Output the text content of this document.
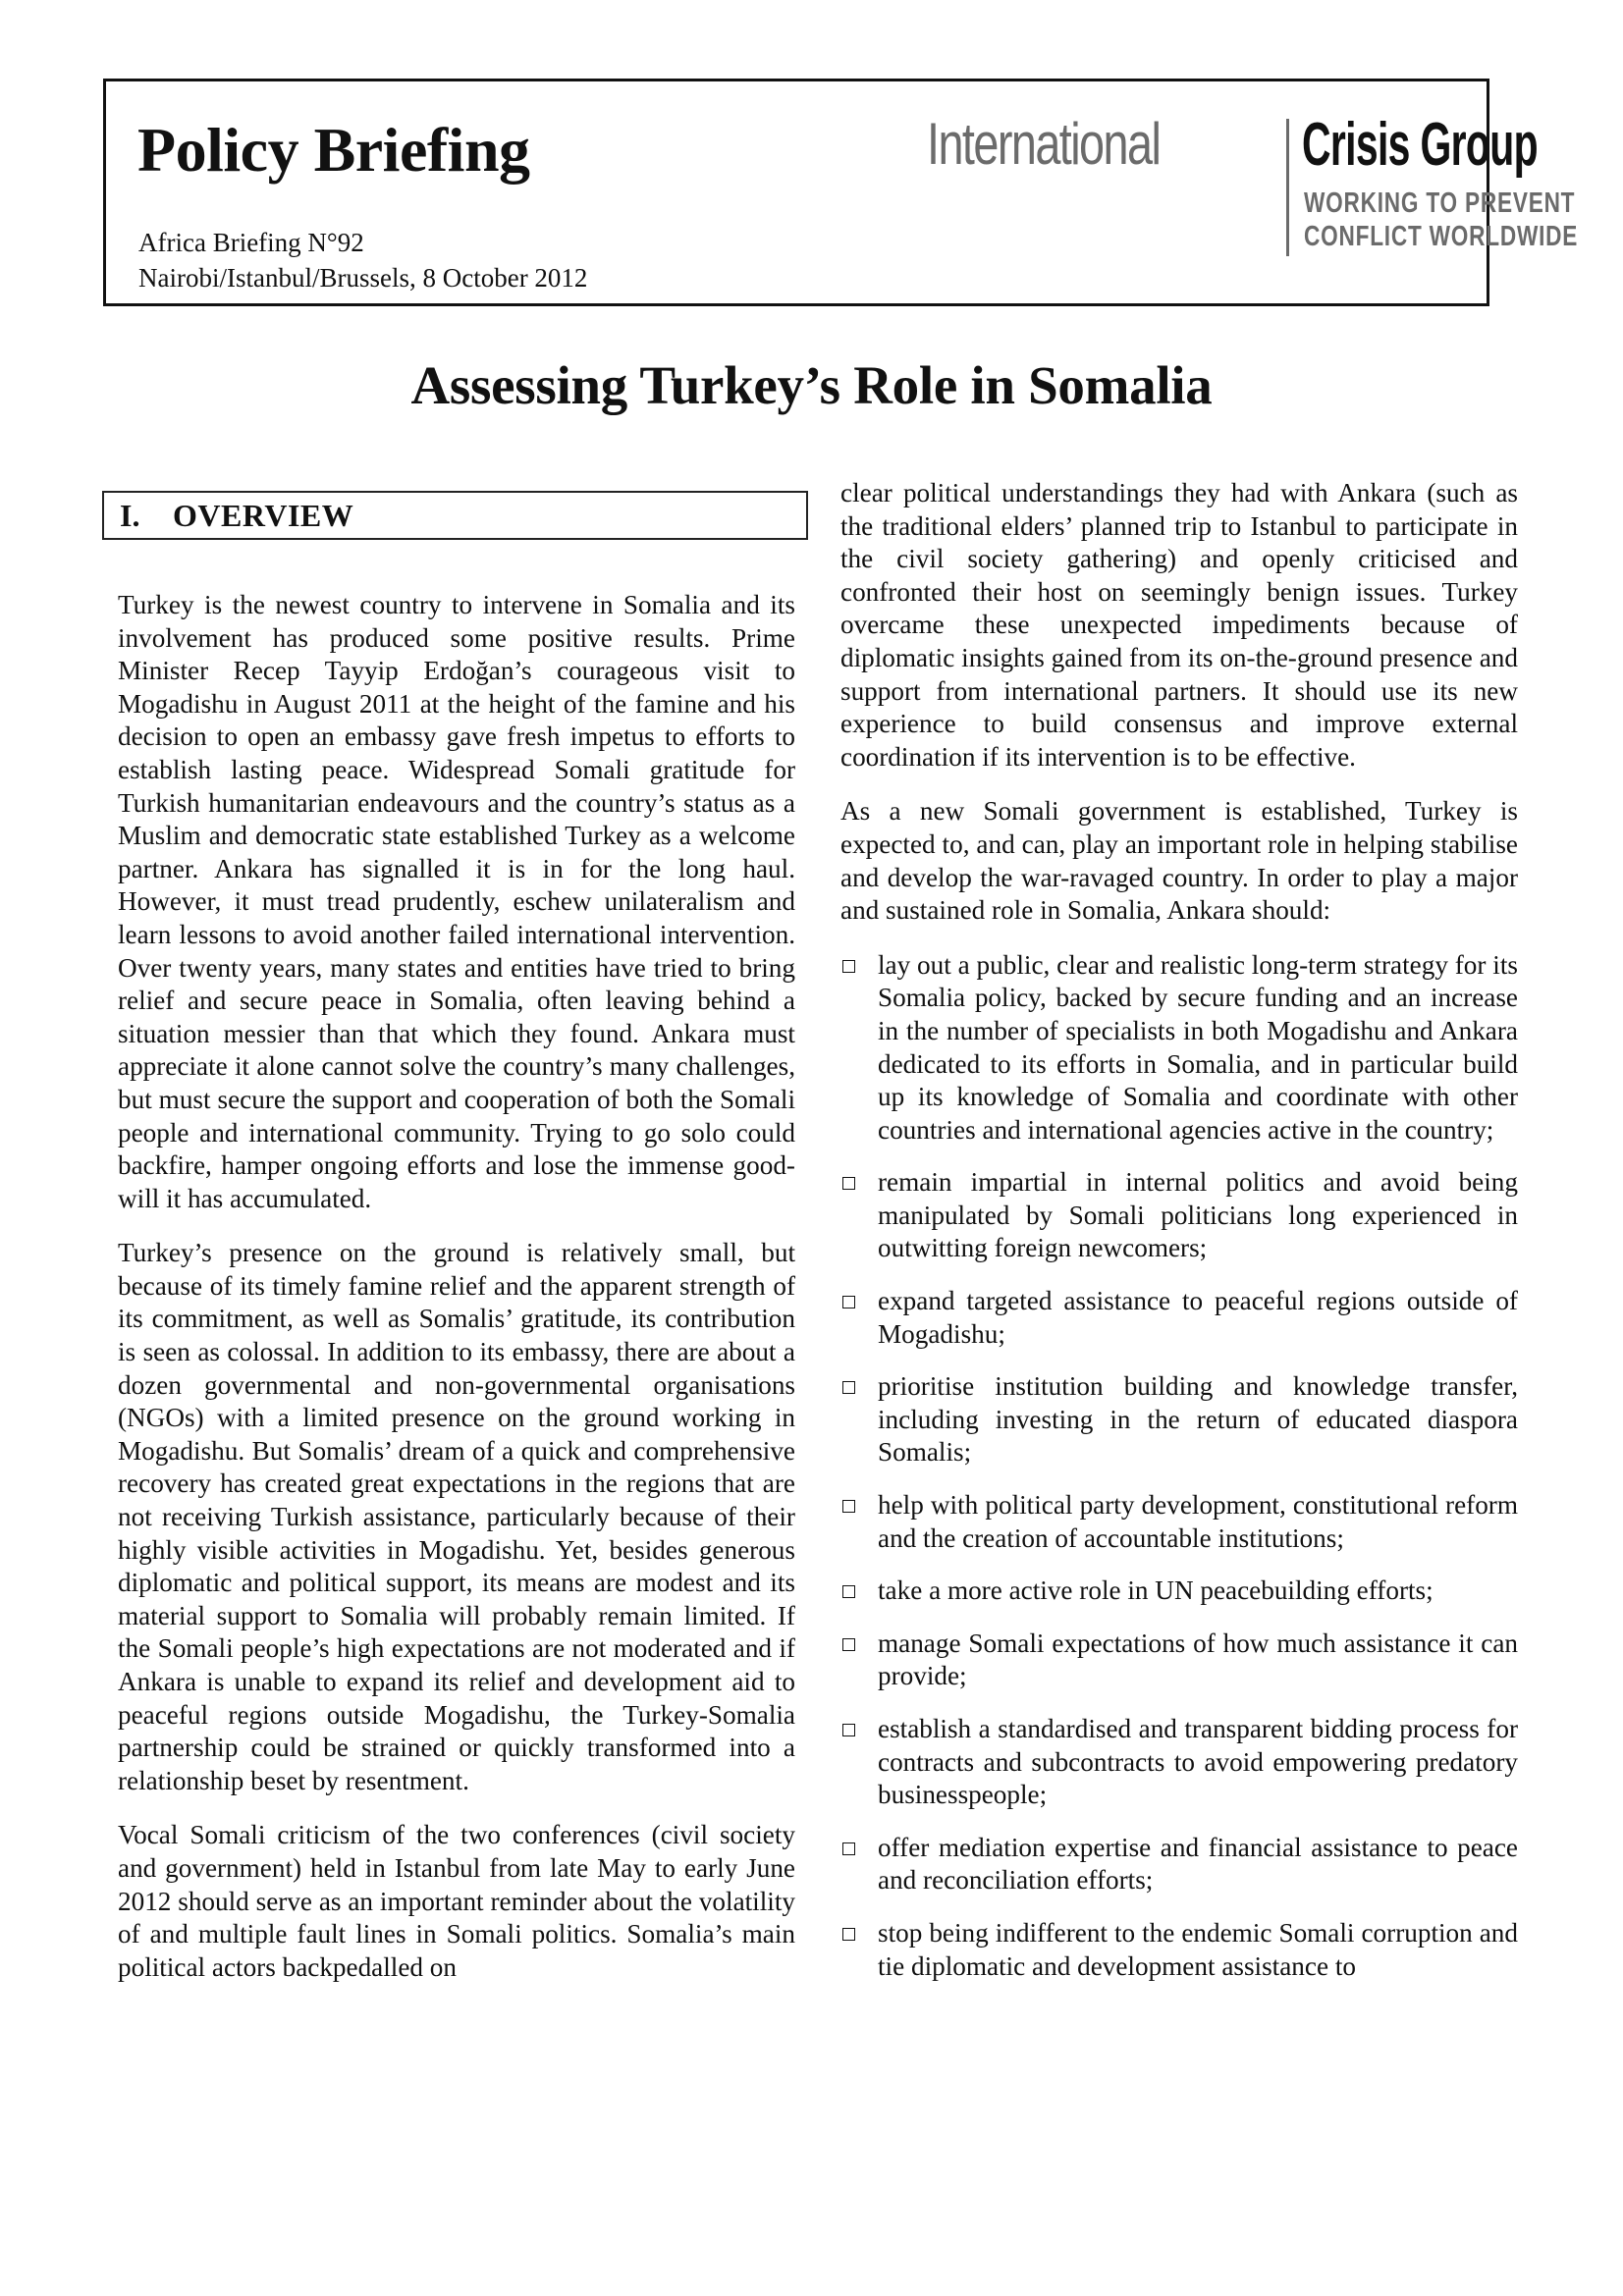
Policy Briefing
Africa Briefing N°92
Nairobi/Istanbul/Brussels, 8 October 2012
International Crisis Group
WORKING TO PREVENT
CONFLICT WORLDWIDE
Assessing Turkey’s Role in Somalia
I. OVERVIEW

Turkey is the newest country to intervene in Somalia and its involvement has produced some positive results. Prime Minister Recep Tayyip Erdoğan’s courageous visit to Mogadishu in August 2011 at the height of the famine and his decision to open an embassy gave fresh impetus to efforts to establish lasting peace. Widespread Somali gratitude for Turkish humanitarian endeavours and the country’s status as a Muslim and democratic state established Turkey as a welcome partner. Ankara has signalled it is in for the long haul. However, it must tread prudently, eschew unilateralism and learn lessons to avoid another failed international intervention. Over twenty years, many states and entities have tried to bring relief and secure peace in Somalia, often leaving behind a situation messier than that which they found. Ankara must appreciate it alone cannot solve the country’s many challenges, but must secure the support and cooperation of both the Somali people and international community. Trying to go solo could backfire, hamper ongoing efforts and lose the immense good-will it has accumulated.

Turkey’s presence on the ground is relatively small, but because of its timely famine relief and the apparent strength of its commitment, as well as Somalis’ gratitude, its contribution is seen as colossal. In addition to its embassy, there are about a dozen governmental and non-governmental organisations (NGOs) with a limited presence on the ground working in Mogadishu. But Somalis’ dream of a quick and comprehensive recovery has created great expectations in the regions that are not receiving Turkish assistance, particularly because of their highly visible activities in Mogadishu. Yet, besides generous diplomatic and political support, its means are modest and its material support to Somalia will probably remain limited. If the Somali people’s high expectations are not moderated and if Ankara is unable to expand its relief and development aid to peaceful regions outside Mogadishu, the Turkey-Somalia partnership could be strained or quickly transformed into a relationship beset by resentment.

Vocal Somali criticism of the two conferences (civil society and government) held in Istanbul from late May to early June 2012 should serve as an important reminder about the volatility of and multiple fault lines in Somali politics. Somalia’s main political actors backpedalled on

clear political understandings they had with Ankara (such as the traditional elders’ planned trip to Istanbul to participate in the civil society gathering) and openly criticised and confronted their host on seemingly benign issues. Turkey overcame these unexpected impediments because of diplomatic insights gained from its on-the-ground presence and support from international partners. It should use its new experience to build consensus and improve external coordination if its intervention is to be effective.

As a new Somali government is established, Turkey is expected to, and can, play an important role in helping stabilise and develop the war-ravaged country. In order to play a major and sustained role in Somalia, Ankara should:

lay out a public, clear and realistic long-term strategy for its Somalia policy, backed by secure funding and an increase in the number of specialists in both Mogadishu and Ankara dedicated to its efforts in Somalia, and in particular build up its knowledge of Somalia and coordinate with other countries and international agencies active in the country;
remain impartial in internal politics and avoid being manipulated by Somali politicians long experienced in outwitting foreign newcomers;
expand targeted assistance to peaceful regions outside of Mogadishu;
prioritise institution building and knowledge transfer, including investing in the return of educated diaspora Somalis;
help with political party development, constitutional reform and the creation of accountable institutions;
take a more active role in UN peacebuilding efforts;
manage Somali expectations of how much assistance it can provide;
establish a standardised and transparent bidding process for contracts and subcontracts to avoid empowering predatory businesspeople;
offer mediation expertise and financial assistance to peace and reconciliation efforts;
stop being indifferent to the endemic Somali corruption and tie diplomatic and development assistance to
